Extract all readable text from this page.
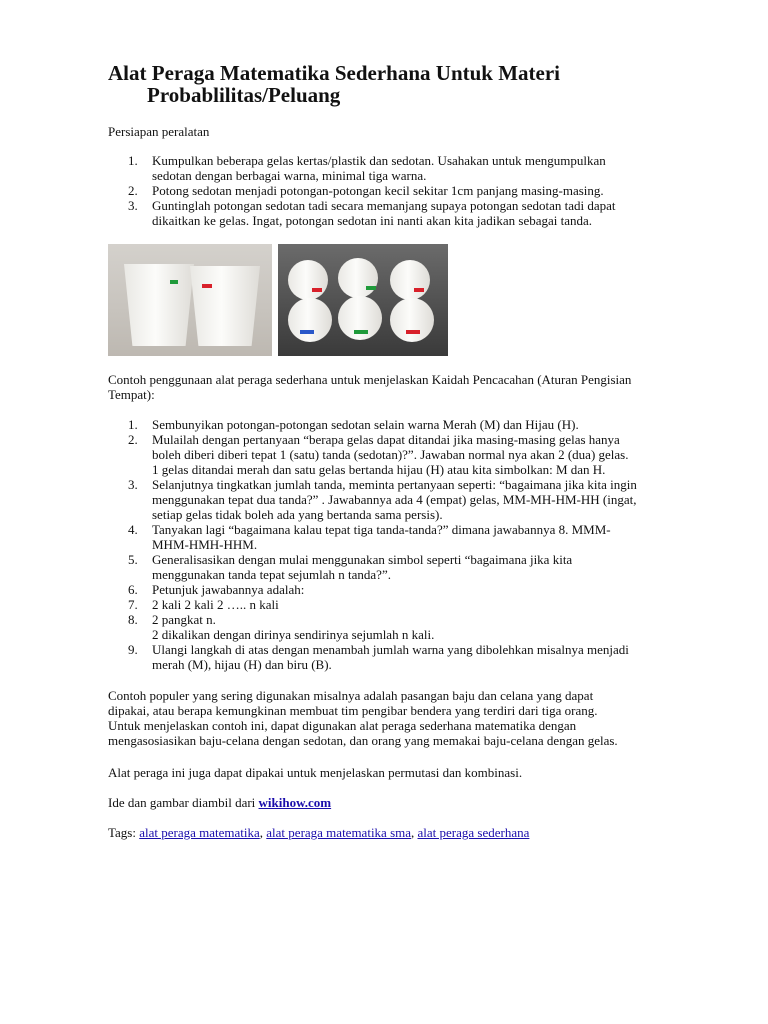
Alat Peraga Matematika Sederhana Untuk Materi
Probablilitas/Peluang

Persiapan peralatan

1. Kumpulkan beberapa gelas kertas/plastik dan sedotan. Usahakan untuk mengumpulkan
sedotan dengan berbagai warna, minimal tiga warna.
2. Potong sedotan menjadi potongan-potongan kecil sekitar 1cm panjang masing-masing.
3. Guntinglah potongan sedotan tadi secara memanjang supaya potongan sedotan tadi dapat
dikaitkan ke gelas. Ingat, potongan sedotan ini nanti akan kita jadikan sebagai tanda.

Contoh penggunaan alat peraga sederhana untuk menjelaskan Kaidah Pencacahan (Aturan Pengisian
Tempat):

1. Sembunyikan potongan-potongan sedotan selain warna Merah (M) dan Hijau (H).
2. Mulailah dengan pertanyaan “berapa gelas dapat ditandai jika masing-masing gelas hanya
boleh diberi diberi tepat 1 (satu) tanda (sedotan)?”. Jawaban normal nya akan 2 (dua) gelas.
1 gelas ditandai merah dan satu gelas bertanda hijau (H) atau kita simbolkan: M dan H.
3. Selanjutnya tingkatkan jumlah tanda, meminta pertanyaan seperti: “bagaimana jika kita ingin
menggunakan tepat dua tanda?” . Jawabannya ada 4 (empat) gelas, MM-MH-HM-HH (ingat,
setiap gelas tidak boleh ada yang bertanda sama persis).
4. Tanyakan lagi “bagaimana kalau tepat tiga tanda-tanda?” dimana jawabannya 8. MMM-
MHM-HMH-HHM.
5. Generalisasikan dengan mulai menggunakan simbol seperti “bagaimana jika kita
menggunakan tanda tepat sejumlah n tanda?”.
6. Petunjuk jawabannya adalah:
7. 2 kali 2 kali 2 ….. n kali
8. 2 pangkat n.
2 dikalikan dengan dirinya sendirinya sejumlah n kali.
9. Ulangi langkah di atas dengan menambah jumlah warna yang dibolehkan misalnya menjadi
merah (M), hijau (H) dan biru (B).

Contoh populer yang sering digunakan misalnya adalah pasangan baju dan celana yang dapat
dipakai, atau berapa kemungkinan membuat tim pengibar bendera yang terdiri dari tiga orang.
Untuk menjelaskan contoh ini, dapat digunakan alat peraga sederhana matematika dengan
mengasosiasikan baju-celana dengan sedotan, dan orang yang memakai baju-celana dengan gelas.

Alat peraga ini juga dapat dipakai untuk menjelaskan permutasi dan kombinasi.

Ide dan gambar diambil dari wikihow.com

Tags: alat peraga matematika, alat peraga matematika sma, alat peraga sederhana
